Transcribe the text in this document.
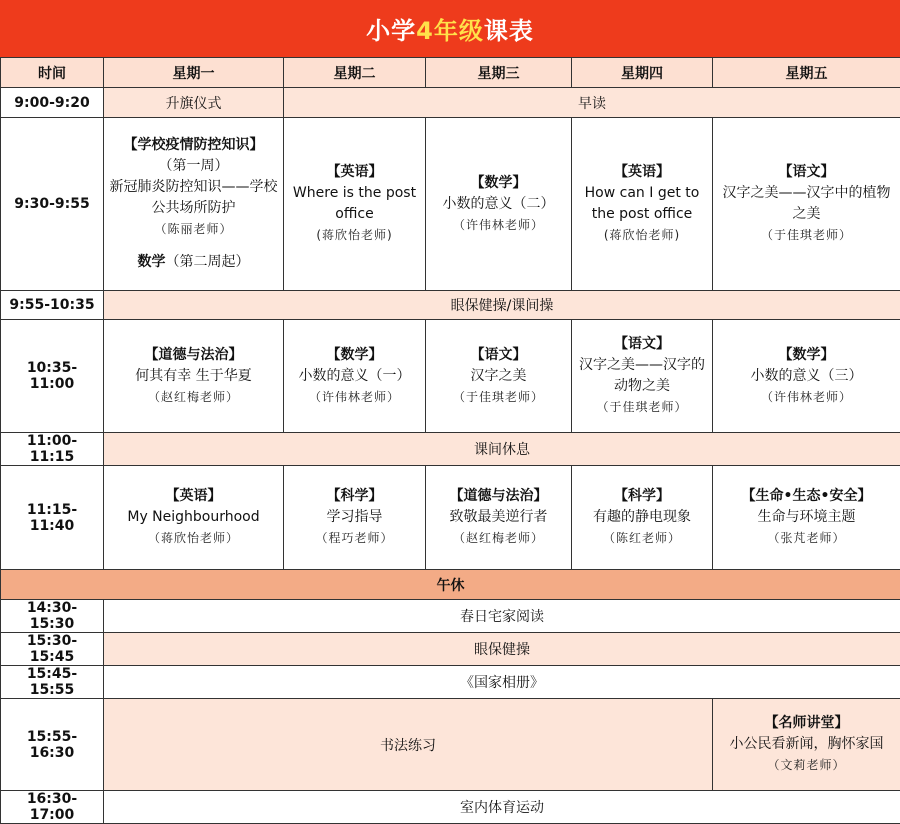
小学 4年级 课表
时间	星期一	星期二	星期三	星期四	星期五
9:00-9:20	升旗仪式	早读			
9:30-9:55	【学校疫情防控知识】
（第一周）
新冠肺炎防控知识——学校公共场所防护
（陈丽老师）
数学（第二周起）	【英语】
Where is the post office
(蒋欣怡老师)	【数学】
小数的意义（二）
（许伟林老师）	【英语】
How can I get to the post office
(蒋欣怡老师)	【语文】
汉字之美——汉字中的植物之美
（于佳琪老师）

9:55-10:35	眼保健操/课间操				
10:35-11:00	【道德与法治】
何其有幸 生于华夏
（赵红梅老师）	【数学】
小数的意义（一）
（许伟林老师）	【语文】
汉字之美
（于佳琪老师）	【语文】
汉字之美——汉字的动物之美
（于佳琪老师）	【数学】
小数的意义（三）
（许伟林老师）

11:00-11:15	课间休息				
11:15-11:40	【英语】
My Neighbourhood
（蒋欣怡老师）	【科学】
学习指导
（程巧老师）	【道德与法治】
致敬最美逆行者
（赵红梅老师）	【科学】
有趣的静电现象
（陈红老师）	【生命•生态•安全】
生命与环境主题
（张芃老师）

午休					
14:30-15:30	春日宅家阅读				
15:30-15:45	眼保健操				
15:45-15:55	《国家相册》				
15:55-16:30	书法练习				【名师讲堂】
小公民看新闻，胸怀家国
（文莉老师）

16:30-17:00	室内体育运动				
